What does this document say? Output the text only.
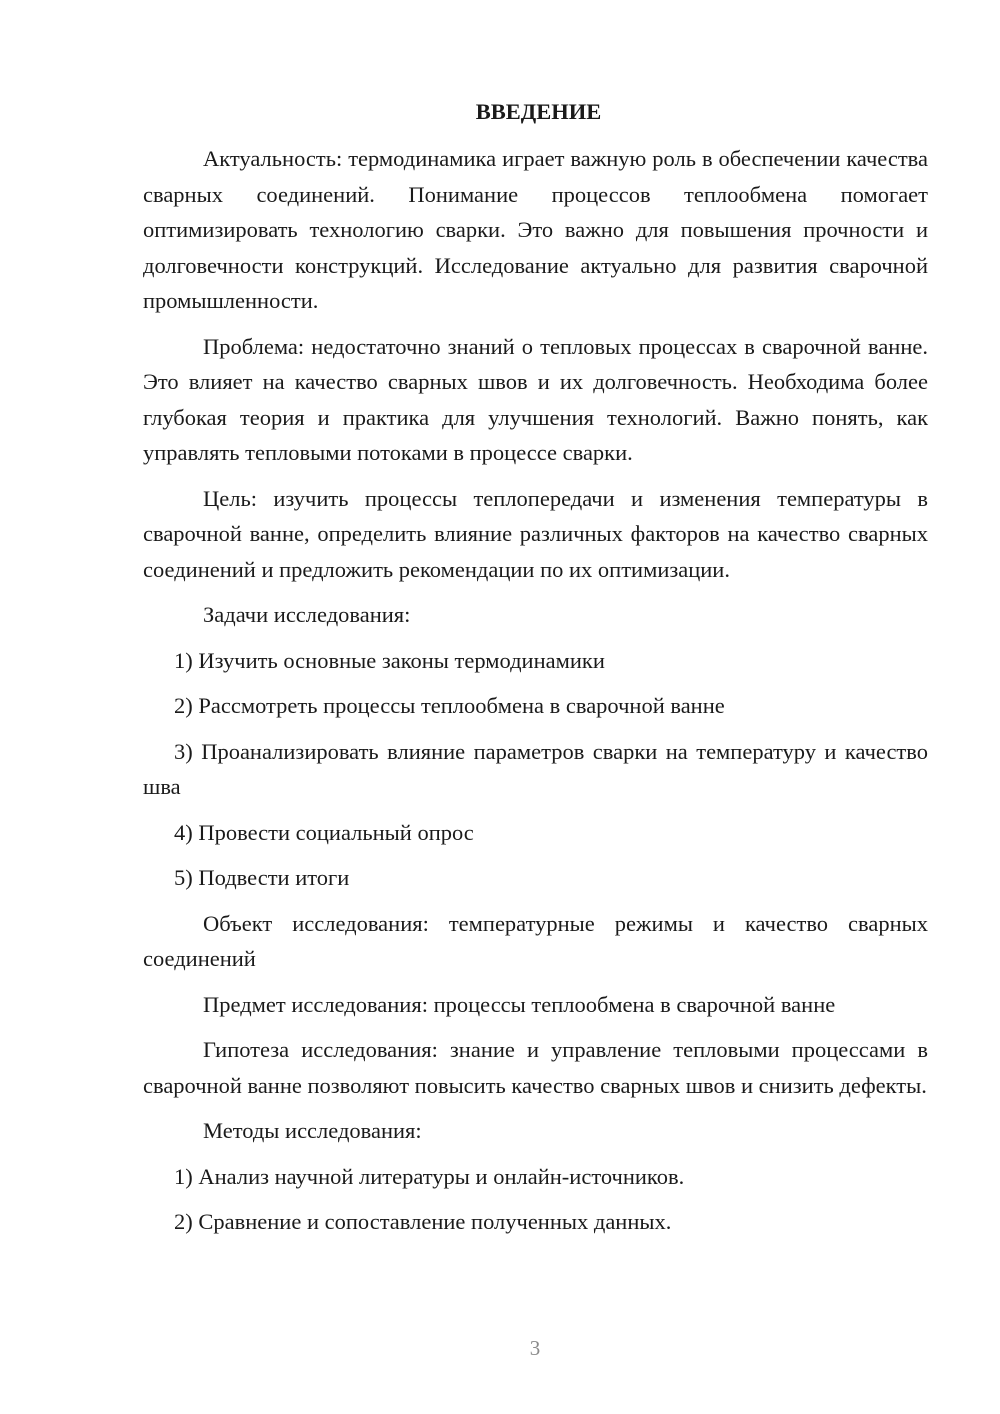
ВВЕДЕНИЕ

Актуальность: термодинамика играет важную роль в обеспечении качества сварных соединений. Понимание процессов теплообмена помогает оптимизировать технологию сварки. Это важно для повышения прочности и долговечности конструкций. Исследование актуально для развития сварочной промышленности.

Проблема: недостаточно знаний о тепловых процессах в сварочной ванне. Это влияет на качество сварных швов и их долговечность. Необходима более глубокая теория и практика для улучшения технологий. Важно понять, как управлять тепловыми потоками в процессе сварки.

Цель: изучить процессы теплопередачи и изменения температуры в сварочной ванне, определить влияние различных факторов на качество сварных соединений и предложить рекомендации по их оптимизации.

Задачи исследования:

1) Изучить основные законы термодинамики

2) Рассмотреть процессы теплообмена в сварочной ванне

3) Проанализировать влияние параметров сварки на температуру и качество шва

4) Провести социальный опрос

5) Подвести итоги

Объект исследования: температурные режимы и качество сварных соединений

Предмет исследования: процессы теплообмена в сварочной ванне

Гипотеза исследования: знание и управление тепловыми процессами в сварочной ванне позволяют повысить качество сварных швов и снизить дефекты.

Методы исследования:

1) Анализ научной литературы и онлайн-источников.

2) Сравнение и сопоставление полученных данных.

3
